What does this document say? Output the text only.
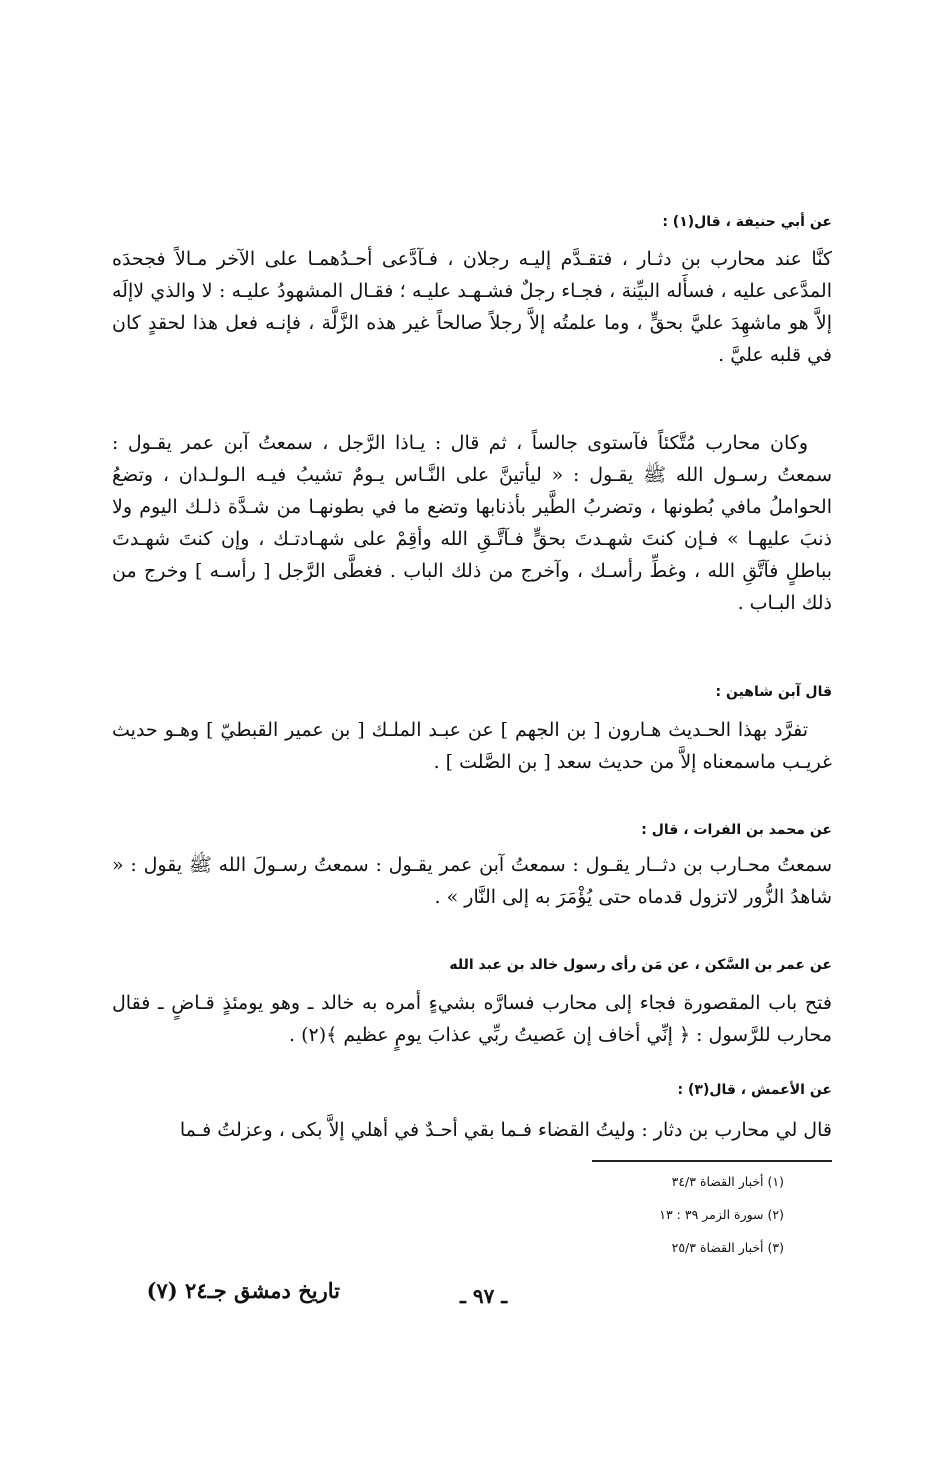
عن أبي حنيفة ، قال(١) :
كنَّا عند محارب بن دثـار ، فتقـدَّم إليـه رجلان ، فـآدَّعى أحـدُهمـا على الآخر مـالاً فجحدَه المدَّعى عليه ، فسأَله البيِّنة ، فجـاء رجلٌ فشـهـد عليـه ؛ فقـال المشهودُ عليـه : لا والذي لاإلَه إلاَّ هو ماشهِدَ عليَّ بحقٍّ ، وما علمتُه إلاَّ رجلاً صالحاً غير هذه الزَّلَّة ، فإنـه فعل هذا لحقدٍ كان في قلبه عليَّ .
وكان محارب مُتَّكئاً فآستوى جالساً ، ثم قال : يـاذا الرَّجل ، سمعتُ آبن عمر يقـول : سمعتُ رسـول الله ﷺ يقـول : « ليأتينَّ على النَّـاس يـومٌ تشيبُ فيـه الـولـدان ، وتضعُ الحواملُ مافي بُطونها ، وتضربُ الطَّير بأذنابها وتضع ما في بطونهـا من شـدَّة ذلـك اليوم ولا ذنبَ عليهـا » فـإن كنتَ شهـدتَ بحقٍّ فـآتَّـقِ الله وأقِمْ على شهـادتـك ، وإن كنتَ شهـدتَ بباطلٍ فآتَّقِ الله ، وغطِّ رأسـك ، وآخرج من ذلك الباب . فغطَّى الرَّجل [ رأسـه ] وخرج من ذلك البـاب .
قال آبن شاهين :
تفرَّد بهذا الحـديث هـارون [ بن الجهم ] عن عبـد الملـك [ بن عمير القبطيّ ] وهـو حديث غريـب ماسمعناه إلاَّ من حديث سعد [ بن الصَّلت ] .
عن محمد بن الفرات ، قال :
سمعتُ محـارب بن دثــار يقـول : سمعتُ آبن عمر يقـول : سمعتُ رسـولَ الله ﷺ يقول : « شاهدُ الزُّور لاتزول قدماه حتى يُؤْمَرَ به إلى النَّار » .
عن عمر بن السَّكن ، عن مَن رأى رسول خالد بن عبد الله
فتح باب المقصورة فجاء إلى محارب فسارَّه بشيءٍ أمره به خالد ـ وهو يومئذٍ قـاضٍ ـ فقال محارب للرَّسول : ﴿ إنِّي أخاف إن عَصيتُ ربِّي عذابَ يومٍ عظيم ﴾(٢) .
عن الأعمش ، قال(٣) :
قال لي محارب بن دثار : وليتُ القضاء فـما بقي أحـدٌ في أهلي إلاَّ بكى ، وعزلتُ فـما
(١) أخبار القضاة ٣٤/٣
(٢) سورة الزمر ٣٩ : ١٣
(٣) أخبار القضاة ٢٥/٣
تاريخ دمشق جـ٢٤ (٧)	ـ ٩٧ ـ
